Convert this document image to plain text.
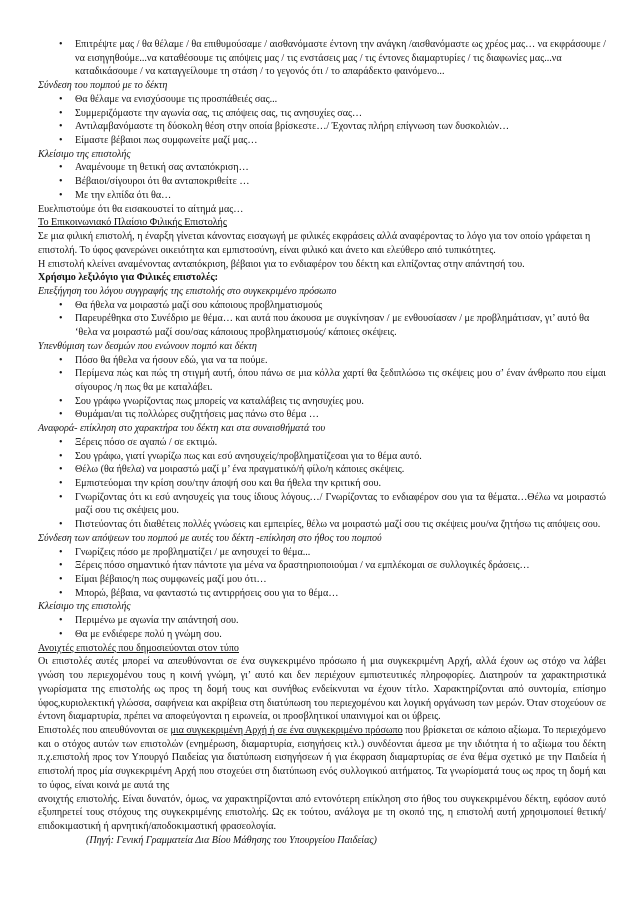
• Επιτρέψτε μας / θα θέλαμε / θα επιθυμούσαμε / αισθανόμαστε έντονη την ανάγκη /αισθανόμαστε ως χρέος μας… να εκφράσουμε / να εισηγηθούμε...να καταθέσουμε τις απόψεις μας / τις ενστάσεις μας / τις έντονες διαμαρτυρίες / τις διαφωνίες μας...να καταδικάσουμε / να καταγγείλουμε τη στάση / το γεγονός ότι / το απαράδεκτο φαινόμενο...

Σύνδεση του πομπού με το δέκτη

• Θα θέλαμε να ενισχύσουμε τις προσπάθειές σας...
• Συμμεριζόμαστε την αγωνία σας, τις απόψεις σας, τις ανησυχίες σας…
• Αντιλαμβανόμαστε τη δύσκολη θέση στην οποία βρίσκεστε…/ Έχοντας πλήρη επίγνωση των δυσκολιών…
• Είμαστε βέβαιοι πως συμφωνείτε μαζί μας…

Κλείσιμο της επιστολής

• Αναμένουμε τη θετική σας ανταπόκριση…
• Βέβαιοι/σίγουροι ότι θα ανταποκριθείτε …
• Με την ελπίδα ότι θα…

Ευελπιστούμε ότι θα εισακουστεί το αίτημά μας…

Το Επικοινωνιακό Πλαίσιο Φιλικής Επιστολής

Σε μια φιλική επιστολή, η έναρξη γίνεται κάνοντας εισαγωγή με φιλικές εκφράσεις αλλά αναφέροντας το λόγο για τον οποίο γράφεται η επιστολή. Το ύφος φανερώνει οικειότητα και εμπιστοσύνη, είναι φιλικό και άνετο και ελεύθερο από τυπικότητες.

Η επιστολή κλείνει αναμένοντας ανταπόκριση, βέβαιοι για το ενδιαφέρον του δέκτη και ελπίζοντας στην απάντησή του.

Χρήσιμο λεξιλόγιο για Φιλικές επιστολές:

Επεξήγηση του λόγου συγγραφής της επιστολής στο συγκεκριμένο πρόσωπο

• Θα ήθελα να μοιραστώ μαζί σου κάποιους προβληματισμούς
• Παρευρέθηκα στο Συνέδριο με θέμα… και αυτά που άκουσα με συγκίνησαν / με ενθουσίασαν / με προβλημάτισαν, γι’ αυτό θα ‘θελα να μοιραστώ μαζί σου/σας κάποιους προβληματισμούς/ κάποιες σκέψεις.

Υπενθύμιση των δεσμών που ενώνουν πομπό και δέκτη

• Πόσο θα ήθελα να ήσουν εδώ, για να τα πούμε.
• Περίμενα πώς και πώς τη στιγμή αυτή, όπου πάνω σε μια κόλλα χαρτί θα ξεδιπλώσω τις σκέψεις μου σ’ έναν άνθρωπο που είμαι σίγουρος /η πως θα με καταλάβει.
• Σου γράφω γνωρίζοντας πως μπορείς να καταλάβεις τις ανησυχίες μου.
• Θυμάμαι/αι τις πολλώρες συζητήσεις μας πάνω στο θέμα …

Αναφορά- επίκληση στο χαρακτήρα του δέκτη και στα συναισθήματά του

• Ξέρεις πόσο σε αγαπώ / σε εκτιμώ.
• Σου γράφω, γιατί γνωρίζω πως και εσύ ανησυχείς/προβληματίζεσαι για το θέμα αυτό.
• Θέλω (θα ήθελα) να μοιραστώ μαζί μ’ ένα πραγματικό/ή φίλο/η κάποιες σκέψεις.
• Εμπιστεύομαι την κρίση σου/την άποψή σου και θα ήθελα την κριτική σου.
• Γνωρίζοντας ότι κι εσύ ανησυχείς για τους ίδιους λόγους…/ Γνωρίζοντας το ενδιαφέρον σου για τα θέματα…Θέλω να μοιραστώ μαζί σου τις σκέψεις μου.
• Πιστεύοντας ότι διαθέτεις πολλές γνώσεις και εμπειρίες, θέλω να μοιραστώ μαζί σου τις σκέψεις μου/να ζητήσω τις απόψεις σου.

Σύνδεση των απόψεων του πομπού με αυτές του δέκτη -επίκληση στο ήθος του πομπού

• Γνωρίζεις πόσο με προβληματίζει / με ανησυχεί το θέμα...
• Ξέρεις πόσο σημαντικό ήταν πάντοτε για μένα να δραστηριοποιούμαι / να εμπλέκομαι σε συλλογικές δράσεις…
• Είμαι βέβαιος/η πως συμφωνείς μαζί μου ότι…
• Μπορώ, βέβαια, να φανταστώ τις αντιρρήσεις σου για το θέμα…

Κλείσιμο της επιστολής

• Περιμένω με αγωνία την απάντησή σου.
• Θα με ενδιέφερε πολύ η γνώμη σου.

Ανοιχτές επιστολές που δημοσιεύονται στον τύπο

Οι επιστολές αυτές μπορεί να απευθύνονται σε ένα συγκεκριμένο πρόσωπο ή μια συγκεκριμένη Αρχή, αλλά έχουν ως στόχο να λάβει γνώση του περιεχομένου τους η κοινή γνώμη, γι’ αυτό και δεν περιέχουν εμπιστευτικές πληροφορίες. Διατηρούν τα χαρακτηριστικά γνωρίσματα της επιστολής ως προς τη δομή τους και συνήθως ενδείκνυται να έχουν τίτλο. Χαρακτηρίζονται από συντομία, επίσημο ύφος,κυριολεκτική γλώσσα, σαφήνεια και ακρίβεια στη διατύπωση του περιεχομένου και λογική οργάνωση των μερών. Όταν στοχεύουν σε έντονη διαμαρτυρία, πρέπει να αποφεύγονται η ειρωνεία, οι προσβλητικοί υπαινιγμοί και οι ύβρεις.

Επιστολές που απευθύνονται σε μια συγκεκριμένη Αρχή ή σε ένα συγκεκριμένο πρόσωπο που βρίσκεται σε κάποιο αξίωμα. Το περιεχόμενο και ο στόχος αυτών των επιστολών (ενημέρωση, διαμαρτυρία, εισηγήσεις κτλ.) συνδέονται άμεσα με την ιδιότητα ή το αξίωμα του δέκτη π.χ.επιστολή προς τον Υπουργό Παιδείας για διατύπωση εισηγήσεων ή για έκφραση διαμαρτυρίας σε ένα θέμα σχετικό με την Παιδεία ή επιστολή προς μία συγκεκριμένη Αρχή που στοχεύει στη διατύπωση ενός συλλογικού αιτήματος. Τα γνωρίσματά τους ως προς τη δομή και το ύφος, είναι κοινά με αυτά της

ανοιχτής επιστολής. Είναι δυνατόν, όμως, να χαρακτηρίζονται από εντονότερη επίκληση στο ήθος του συγκεκριμένου δέκτη, εφόσον αυτό εξυπηρετεί τους στόχους της συγκεκριμένης επιστολής. Ως εκ τούτου, ανάλογα με τη σκοπό της, η επιστολή αυτή χρησιμοποιεί θετική/επιδοκιμαστική ή αρνητική/αποδοκιμαστική φρασεολογία.

(Πηγή: Γενική Γραμματεία Δια Βίου Μάθησης του Υπουργείου Παιδείας)
